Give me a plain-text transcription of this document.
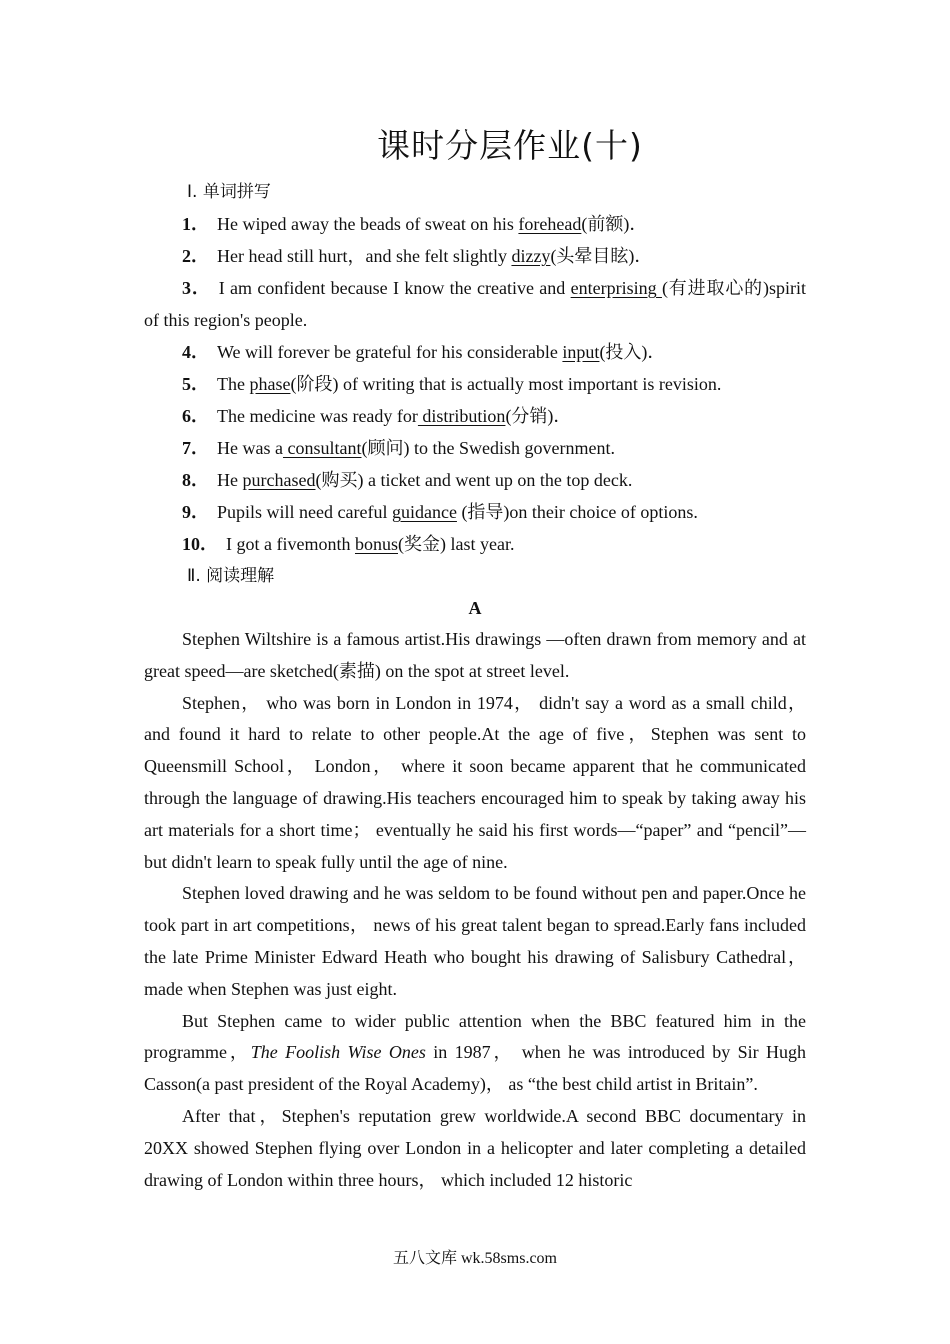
课时分层作业(十)
Ⅰ. 单词拼写
1． He wiped away the beads of sweat on his forehead(前额)．
2． Her head still hurt，and she felt slightly dizzy(头晕目眩)．
3． I am confident because I know the creative and enterprising (有进取心的)spirit of this region's people.
4． We will forever be grateful for his considerable input(投入)．
5． The phase(阶段) of writing that is actually most important is revision.
6． The medicine was ready for distribution(分销)．
7． He was a consultant(顾问) to the Swedish government.
8． He purchased(购买) a ticket and went up on the top deck.
9． Pupils will need careful guidance (指导)on their choice of options.
10． I got a fivemonth bonus(奖金) last year.
Ⅱ. 阅读理解
A

Stephen Wiltshire is a famous artist.His drawings —often drawn from memory and at great speed—are sketched(素描) on the spot at street level.

Stephen， who was born in London in 1974， didn't say a word as a small child， and found it hard to relate to other people.At the age of five，Stephen was sent to Queensmill School， London， where it soon became apparent that he communicated through the language of drawing.His teachers encouraged him to speak by taking away his art materials for a short time； eventually he said his first words—“paper” and “pencil”—but didn't learn to speak fully until the age of nine.

Stephen loved drawing and he was seldom to be found without pen and paper.Once he took part in art competitions， news of his great talent began to spread.Early fans included the late Prime Minister Edward Heath who bought his drawing of Salisbury Cathedral，made when Stephen was just eight.

But Stephen came to wider public attention when the BBC featured him in the programme，The Foolish Wise Ones in 1987， when he was introduced by Sir Hugh Casson(a past president of the Royal Academy)， as “the best child artist in Britain”.

After that，Stephen's reputation grew worldwide.A second BBC documentary in 20XX showed Stephen flying over London in a helicopter and later completing a detailed drawing of London within three hours， which included 12 historic

五八文库 wk.58sms.com
